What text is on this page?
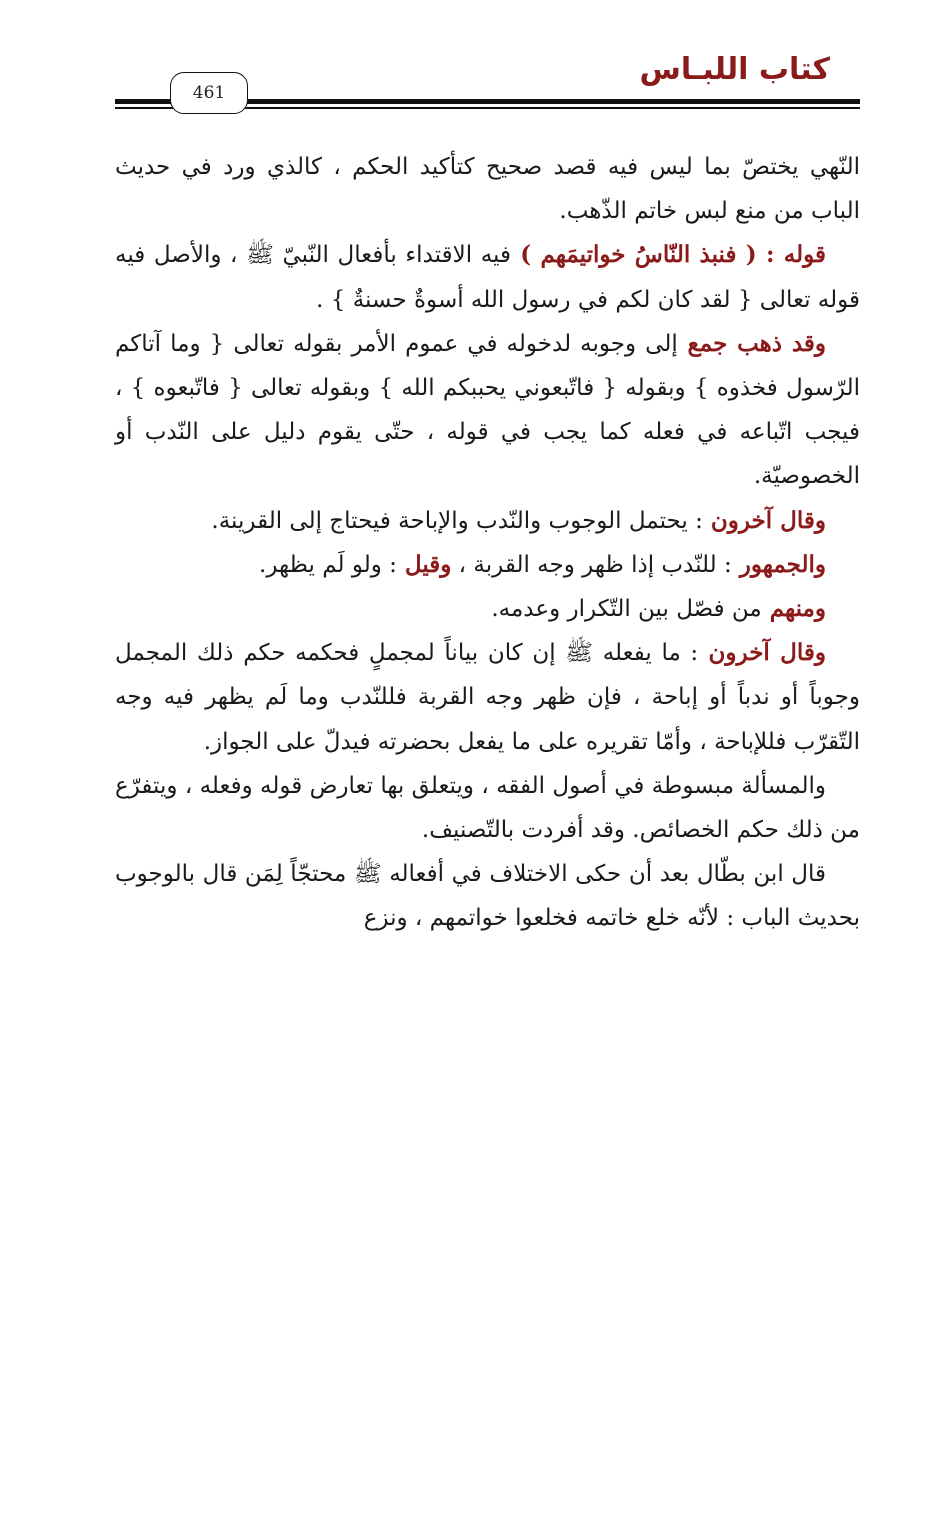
كتاب اللبـاس
461

النّهي يختصّ بما ليس فيه قصد صحيح كتأكيد الحكم ، كالذي ورد في حديث الباب من منع لبس خاتم الذّهب.

قوله : ( فنبذ النّاسُ خواتيمَهم ) فيه الاقتداء بأفعال النّبيّ ﷺ ، والأصل فيه قوله تعالى { لقد كان لكم في رسول الله أسوةٌ حسنةٌ } .

وقد ذهب جمع إلى وجوبه لدخوله في عموم الأمر بقوله تعالى { وما آتاكم الرّسول فخذوه } وبقوله { فاتّبعوني يحببكم الله } وبقوله تعالى { فاتّبعوه } ، فيجب اتّباعه في فعله كما يجب في قوله ، حتّى يقوم دليل على النّدب أو الخصوصيّة.

وقال آخرون : يحتمل الوجوب والنّدب والإباحة فيحتاج إلى القرينة.

والجمهور : للنّدب إذا ظهر وجه القربة ، وقيل : ولو لَم يظهر.

ومنهم من فصّل بين التّكرار وعدمه.

وقال آخرون : ما يفعله ﷺ إن كان بياناً لمجملٍ فحكمه حكم ذلك المجمل وجوباً أو ندباً أو إباحة ، فإن ظهر وجه القربة فللنّدب وما لَم يظهر فيه وجه التّقرّب فللإباحة ، وأمّا تقريره على ما يفعل بحضرته فيدلّ على الجواز.

والمسألة مبسوطة في أصول الفقه ، ويتعلق بها تعارض قوله وفعله ، ويتفرّع من ذلك حكم الخصائص. وقد أفردت بالتّصنيف.

قال ابن بطّال بعد أن حكى الاختلاف في أفعاله ﷺ محتجّاً لِمَن قال بالوجوب بحديث الباب : لأنّه خلع خاتمه فخلعوا خواتمهم ، ونزع
